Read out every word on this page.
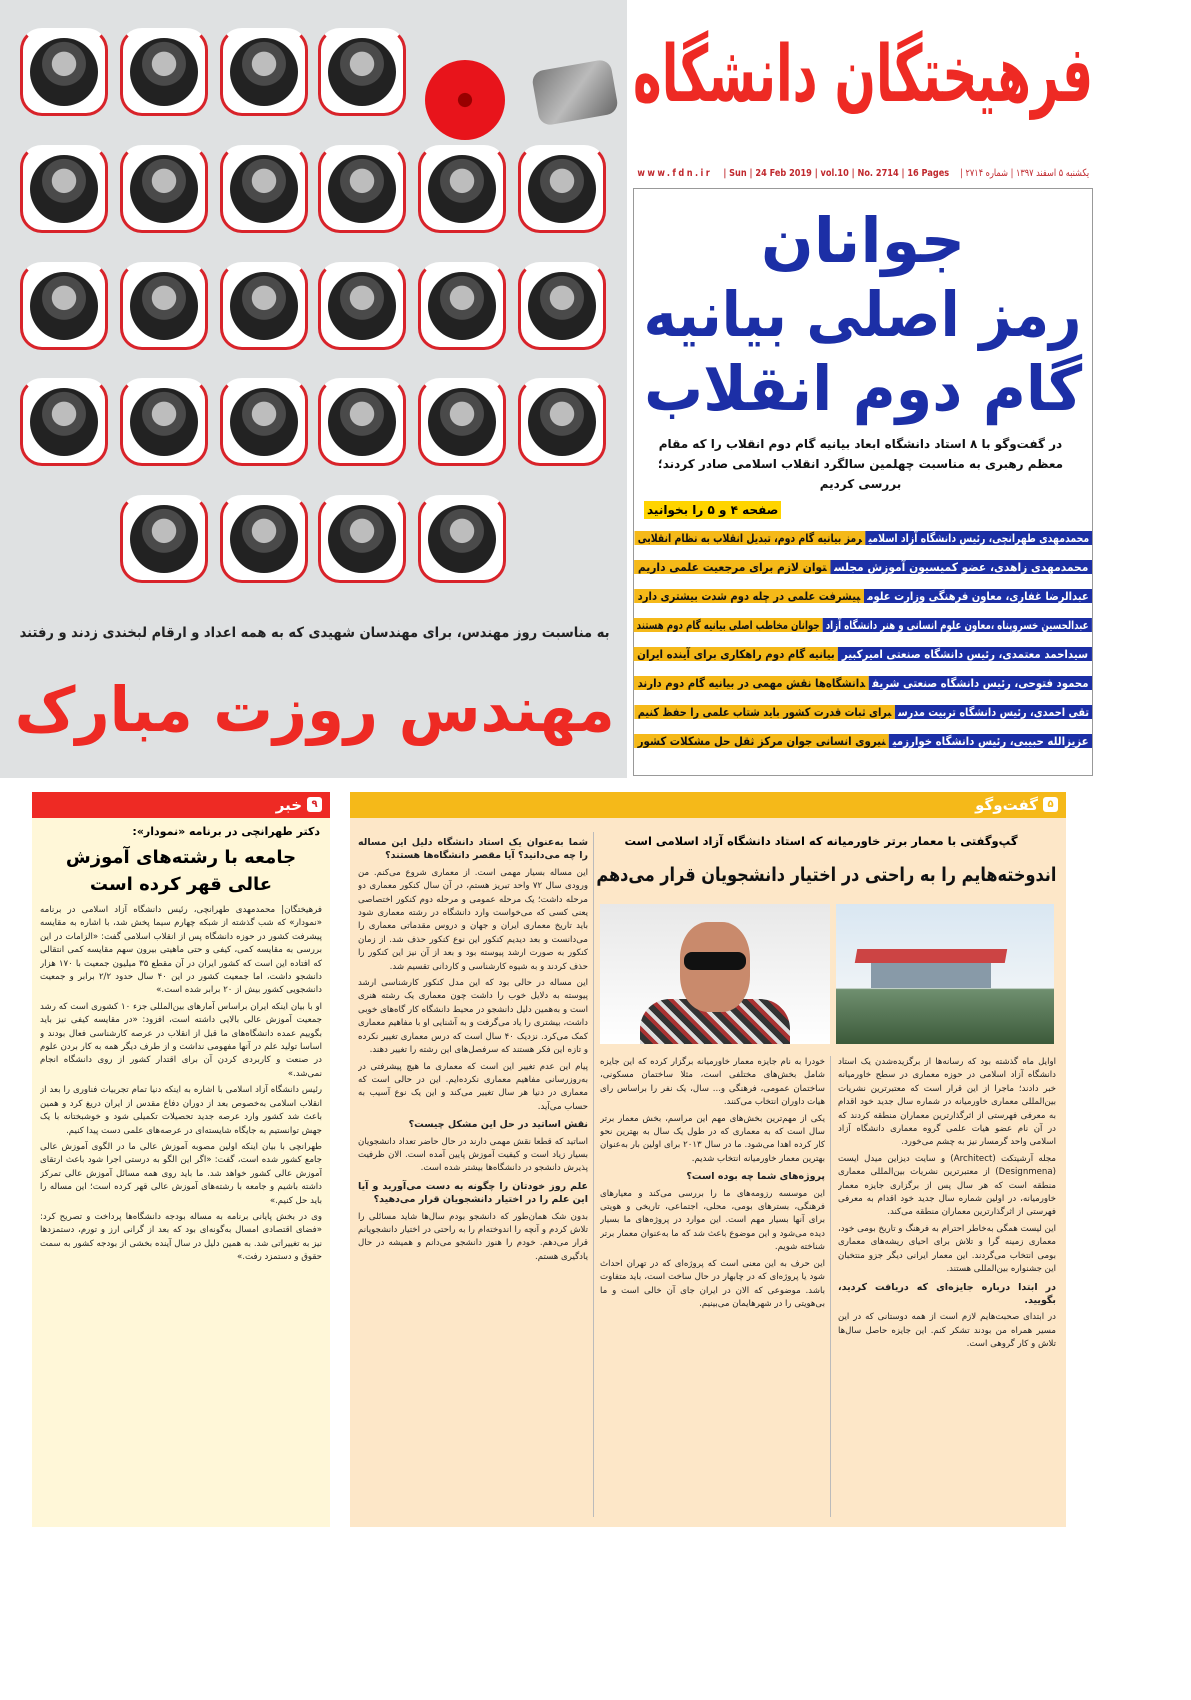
به مناسبت روز مهندس، برای مهندسان شهیدی که به همه اعداد و ارقام لبخندی زدند و رفتند
مهندس روزت مبارک
فرهیختگان دانشگاه
www.fdn.ir | Sun | 24 Feb 2019 | vol.10 | No. 2714 | 16 Pages یکشنبه ۵ اسفند ۱۳۹۷ | شماره ۲۷۱۴ |
جوانان
رمز اصلی بیانیه
گام دوم انقلاب
در گفت‌وگو با ۸ استاد دانشگاه ابعاد بیانیه گام دوم انقلاب را که مقام معظم رهبری به مناسبت چهلمین سالگرد انقلاب اسلامی صادر کردند؛ بررسی کردیم
صفحه ۴ و ۵ را بخوانید
محمدمهدی طهرانچی، رئیس دانشگاه آزاد اسلامیرمز بیانیه گام دوم، تبدیل انقلاب به نظام انقلابی
محمدمهدی زاهدی، عضو کمیسیون آموزش مجلستوان لازم برای مرجعیت علمی داریم
عبدالرضا غفاری، معاون فرهنگی وزارت علومپیشرفت علمی در چله دوم شدت بیشتری دارد
عبدالحسین خسروپناه ،معاون علوم انسانی و هنر دانشگاه آزادجوانان مخاطب اصلی بیانیه گام دوم هستند
سیداحمد معتمدی، رئیس دانشگاه صنعتی امیرکبیربیانیه گام دوم راهکاری برای آینده ایران
محمود فتوحی، رئیس دانشگاه صنعتی شریفدانشگاه‌ها نقش مهمی در بیانیه گام دوم دارند
تقی احمدی، رئیس دانشگاه تربیت مدرسبرای ثبات قدرت کشور باید شتاب علمی را حفظ کنیم
عزیزالله حبیبی، رئیس دانشگاه خوارزمینیروی انسانی جوان مرکز ثقل حل مشکلات کشور
۹
خبر
دکتر طهرانچی در برنامه «نمودار»:
جامعه با رشته‌های آموزش عالی قهر کرده است

فرهیختگان| محمدمهدی طهرانچی، رئیس دانشگاه آزاد اسلامی در برنامه «نمودار» که شب گذشته از شبکه چهارم سیما پخش شد، با اشاره به مقایسه پیشرفت کشور در حوزه دانشگاه پس از انقلاب اسلامی گفت: «الزامات در این بررسی به مقایسه کمی، کیفی و حتی ماهیتی بیرون سهم مقایسه کمی انتقالی که افتاده این است که کشور ایران در آن مقطع ۳۵ میلیون جمعیت با ۱۷۰ هزار دانشجو داشت، اما جمعیت کشور در این ۴۰ سال حدود ۲/۲ برابر و جمعیت دانشجویی کشور بیش از ۲۰ برابر شده است.»

او با بیان اینکه ایران براساس آمارهای بین‌المللی جزء ۱۰ کشوری است که رشد جمعیت آموزش عالی بالایی داشته است، افزود: «در مقایسه کیفی نیز باید بگوییم عمده دانشگاه‌های ما قبل از انقلاب در عرصه کارشناسی فعال بودند و اساسا تولید علم در آنها مفهومی نداشت و از طرف دیگر همه به کار بردن علوم در صنعت و کاربردی کردن آن برای اقتدار کشور از روی دانشگاه انجام نمی‌شد.»

رئیس دانشگاه آزاد اسلامی با اشاره به اینکه دنیا تمام تجربیات فناوری را بعد از انقلاب اسلامی به‌خصوص بعد از دوران دفاع مقدس از ایران دریغ کرد و همین باعث شد کشور وارد عرصه جدید تحصیلات تکمیلی شود و خوشبختانه با یک جهش توانستیم به جایگاه شایسته‌ای در عرصه‌های علمی دست پیدا کنیم.

طهرانچی با بیان اینکه اولین مصوبه آموزش عالی ما در الگوی آموزش عالی جامع کشور شده است، گفت: «اگر این الگو به درستی اجرا شود باعث ارتقای آموزش عالی کشور خواهد شد. ما باید روی همه مسائل آموزش عالی تمرکز داشته باشیم و جامعه با رشته‌های آموزش عالی قهر کرده است؛ این مساله را باید حل کنیم.»

وی در بخش پایانی برنامه به مساله بودجه دانشگاه‌ها پرداخت و تصریح کرد: «فضای اقتصادی امسال به‌گونه‌ای بود که بعد از گرانی ارز و تورم، دستمزدها نیز به تغییراتی شد. به همین دلیل در سال آینده بخشی از بودجه کشور به سمت حقوق و دستمزد رفت.»

۵
گفت‌وگو
گپ‌وگفتی با معمار برتر خاورمیانه که استاد دانشگاه آزاد اسلامی است
اندوخته‌هایم را به راحتی در اختیار دانشجویان قرار می‌دهم

اوایل ماه گذشته بود که رسانه‌ها از برگزیده‌شدن یک استاد دانشگاه آزاد اسلامی در حوزه معماری در سطح خاورمیانه خبر دادند؛ ماجرا از این قرار است که معتبرترین نشریات بین‌المللی معماری خاورمیانه در شماره سال جدید خود اقدام به معرفی فهرستی از اثرگذارترین معماران منطقه کردند که در آن نام عضو هیات علمی گروه معماری دانشگاه آزاد اسلامی واحد گرمسار نیز به چشم می‌خورد.

مجله آرشیتکت (Architect) و سایت دیزاین میدل ایست (Designmena) از معتبرترین نشریات بین‌المللی معماری منطقه است که هر سال پس از برگزاری جایزه معمار خاورمیانه، در اولین شماره سال جدید خود اقدام به معرفی فهرستی از اثرگذارترین معماران منطقه می‌کند.

این لیست همگی به‌خاطر احترام به فرهنگ و تاریخ بومی خود، معماری زمینه گرا و تلاش برای احیای ریشه‌های معماری بومی انتخاب می‌گردند. این معمار ایرانی دیگر جزو منتخبان این جشنواره بین‌المللی هستند.

در ابتدا درباره جایزه‌ای که دریافت کردید، بگویید.

در ابتدای صحبت‌هایم لازم است از همه دوستانی که در این مسیر همراه من بودند تشکر کنم. این جایزه حاصل سال‌ها تلاش و کار گروهی است.

خودرا به نام جایزه معمار خاورمیانه برگزار کرده که این جایزه شامل بخش‌های مختلفی است، مثلا ساختمان مسکونی، ساختمان عمومی، فرهنگی و... سال، یک نفر را براساس رای هیات داوران انتخاب می‌کنند.

یکی از مهم‌ترین بخش‌های مهم این مراسم، بخش معمار برتر سال است که به معماری که در طول یک سال به بهترین نحو کار کرده اهدا می‌شود. ما در سال ۲۰۱۳ برای اولین بار به‌عنوان بهترین معمار خاورمیانه انتخاب شدیم.

پروژه‌های شما چه بوده است؟

این موسسه رزومه‌های ما را بررسی می‌کند و معیارهای فرهنگی، بسترهای بومی، محلی، اجتماعی، تاریخی و هویتی برای آنها بسیار مهم است. این موارد در پروژه‌های ما بسیار دیده می‌شود و این موضوع باعث شد که ما به‌عنوان معمار برتر شناخته شویم.

این حرف به این معنی است که پروژه‌ای که در تهران احداث شود یا پروژه‌ای که در چابهار در حال ساخت است، باید متفاوت باشد. موضوعی که الان در ایران جای آن خالی است و ما بی‌هویتی را در شهرهایمان می‌بینیم.

شما به‌عنوان یک استاد دانشگاه دلیل این مساله را چه می‌دانید؟ آیا مقصر دانشگاه‌ها هستند؟

این مساله بسیار مهمی است. از معماری شروع می‌کنم. من ورودی سال ۷۲ واحد تبریز هستم، در آن سال کنکور معماری دو مرحله داشت؛ یک مرحله عمومی و مرحله دوم کنکور اختصاصی یعنی کسی که می‌خواست وارد دانشگاه در رشته معماری شود باید تاریخ معماری ایران و جهان و دروس مقدماتی معماری را می‌دانست و بعد دیدیم کنکور این نوع کنکور حذف شد. از زمان کنکور به صورت ارشد پیوسته بود و بعد از آن نیز این کنکور را حذف کردند و به شیوه کارشناسی و کاردانی تقسیم شد.

این مساله در حالی بود که این مدل کنکور کارشناسی ارشد پیوسته به دلایل خوب را داشت چون معماری یک رشته هنری است و به‌همین دلیل دانشجو در محیط دانشگاه کار گاه‌های خوبی داشت، بیشتری را یاد می‌گرفت و به آشنایی او با مفاهیم معماری کمک می‌کرد. نزدیک ۴۰ سال است که درس معماری تغییر نکرده و تازه این فکر هستند که سرفصل‌های این رشته را تغییر دهند.

پیام این عدم تغییر این است که معماری ما هیچ پیشرفتی در به‌روزرسانی مفاهیم معماری نکرده‌ایم. این در حالی است که معماری در دنیا هر سال تغییر می‌کند و این یک نوع آسیب به حساب می‌آید.

نقش اساتید در حل این مشکل چیست؟

اساتید که قطعا نقش مهمی دارند در حال حاضر تعداد دانشجویان بسیار زیاد است و کیفیت آموزش پایین آمده است. الان ظرفیت پذیرش دانشجو در دانشگاه‌ها بیشتر شده است.

علم روز خودتان را چگونه به دست می‌آورید و آیا این علم را در اختیار دانشجویان قرار می‌دهید؟

بدون شک همان‌طور که دانشجو بودم سال‌ها شاید مسائلی را تلاش کردم و آنچه را اندوخته‌ام را به راحتی در اختیار دانشجویانم قرار می‌دهم. خودم را هنوز دانشجو می‌دانم و همیشه در حال یادگیری هستم.
